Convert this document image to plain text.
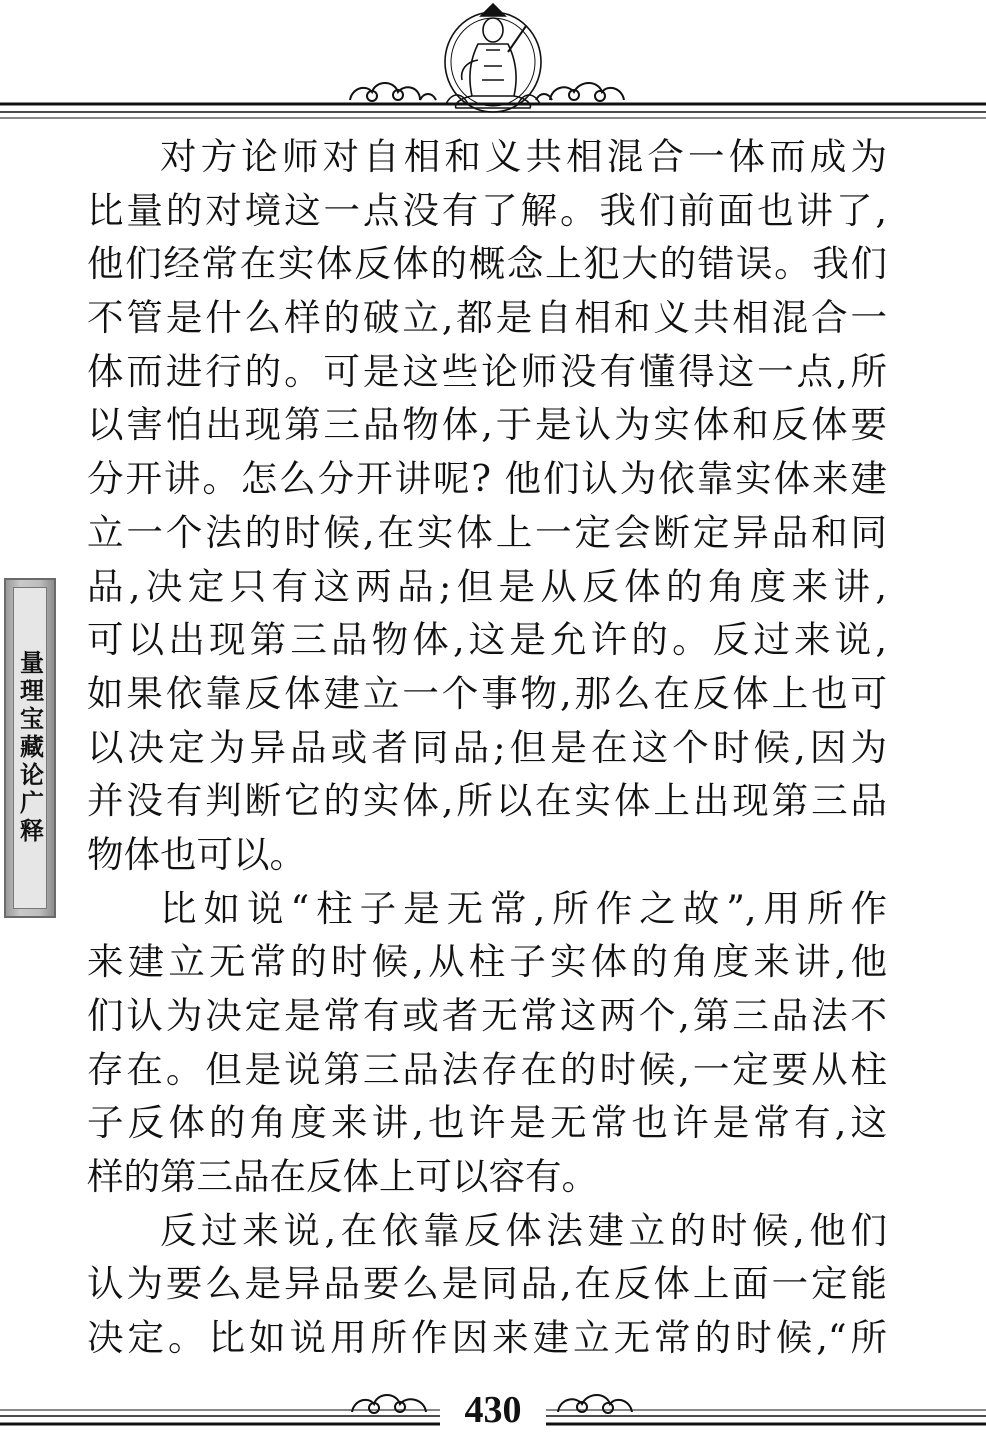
量理宝藏论广释
对方论师对自相和义共相混合一体而成为
比量的对境这一点没有了解。我们前面也讲了,
他们经常在实体反体的概念上犯大的错误。我们
不管是什么样的破立,都是自相和义共相混合一
体而进行的。可是这些论师没有懂得这一点,所
以害怕出现第三品物体,于是认为实体和反体要
分开讲。怎么分开讲呢? 他们认为依靠实体来建
立一个法的时候,在实体上一定会断定异品和同
品,决定只有这两品;但是从反体的角度来讲,
可以出现第三品物体,这是允许的。反过来说,
如果依靠反体建立一个事物,那么在反体上也可
以决定为异品或者同品;但是在这个时候,因为
并没有判断它的实体,所以在实体上出现第三品
物体也可以。
比如说“柱子是无常,所作之故”,用所作
来建立无常的时候,从柱子实体的角度来讲,他
们认为决定是常有或者无常这两个,第三品法不
存在。但是说第三品法存在的时候,一定要从柱
子反体的角度来讲,也许是无常也许是常有,这
样的第三品在反体上可以容有。
反过来说,在依靠反体法建立的时候,他们
认为要么是异品要么是同品,在反体上面一定能
决定。比如说用所作因来建立无常的时候,“所
430
